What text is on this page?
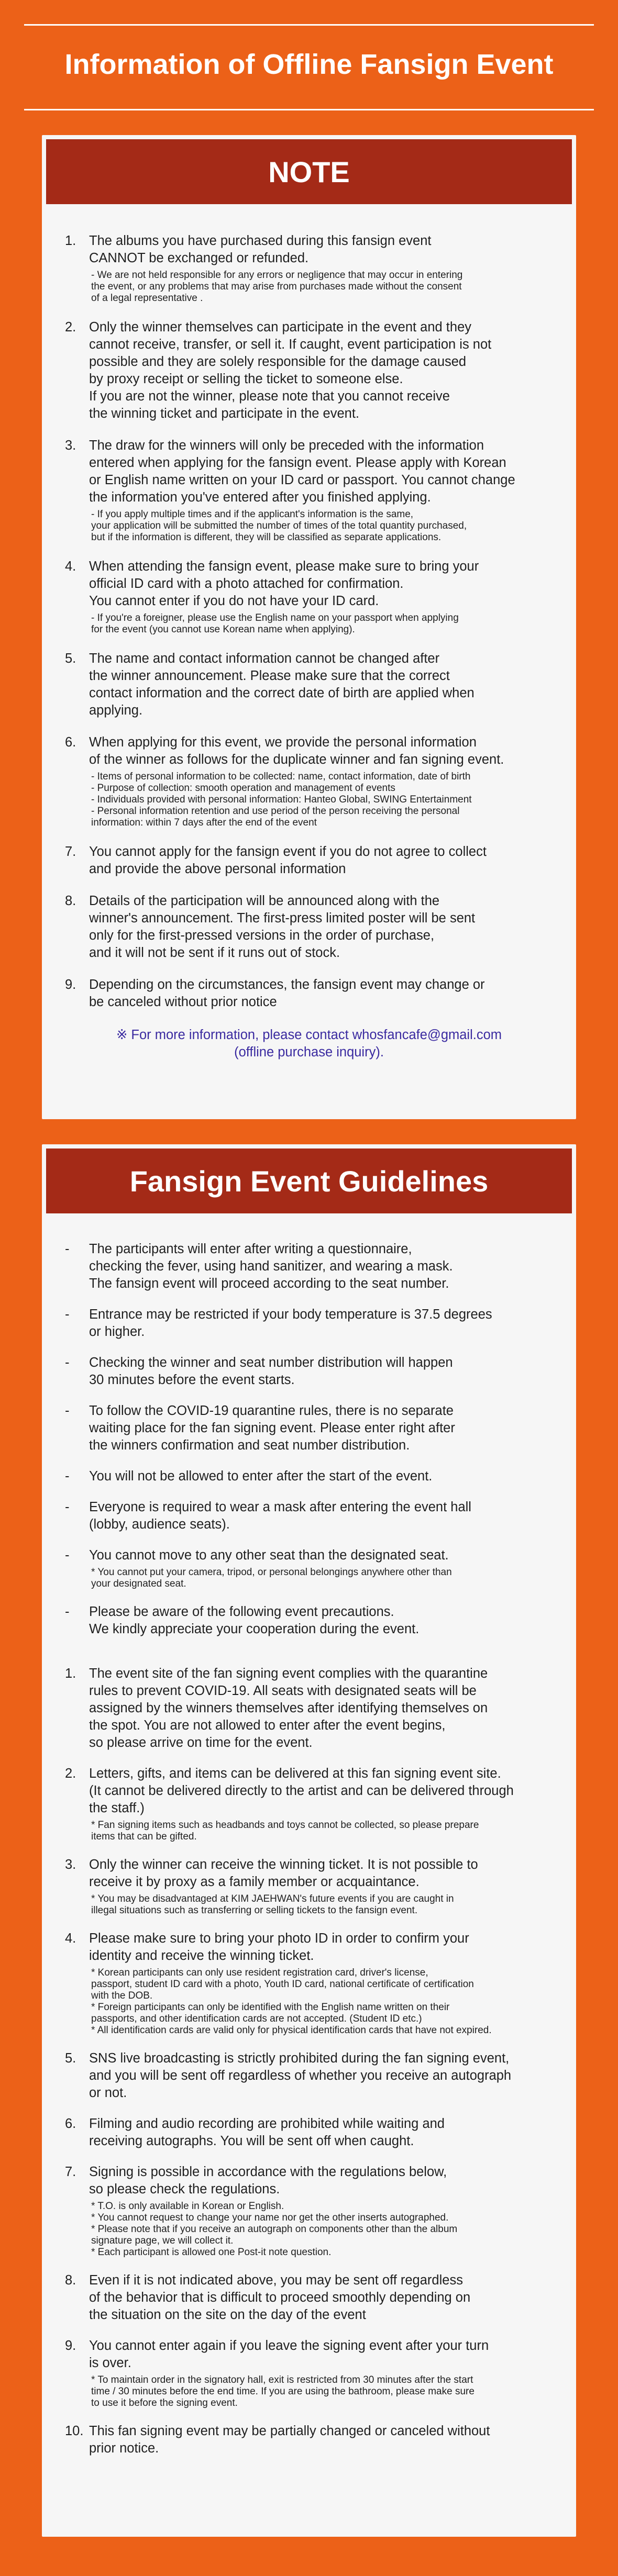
Information of Offline Fansign Event
NOTE
1. The albums you have purchased during this fansign event
CANNOT be exchanged or refunded.
- We are not held responsible for any errors or negligence that may occur in entering
the event, or any problems that may arise from purchases made without the consent
of a legal representative .
2. Only the winner themselves can participate in the event and they
cannot receive, transfer, or sell it. If caught, event participation is not
possible and they are solely responsible for the damage caused
by proxy receipt or selling the ticket to someone else.
If you are not the winner, please note that you cannot receive
the winning ticket and participate in the event.
3. The draw for the winners will only be preceded with the information
entered when applying for the fansign event. Please apply with Korean
or English name written on your ID card or passport. You cannot change
the information you've entered after you finished applying.
- If you apply multiple times and if the applicant's information is the same,
your application will be submitted the number of times of the total quantity purchased,
but if the information is different, they will be classified as separate applications.
4. When attending the fansign event, please make sure to bring your
official ID card with a photo attached for confirmation.
You cannot enter if you do not have your ID card.
- If you're a foreigner, please use the English name on your passport when applying
for the event (you cannot use Korean name when applying).
5. The name and contact information cannot be changed after
the winner announcement. Please make sure that the correct
contact information and the correct date of birth are applied when
applying.
6. When applying for this event, we provide the personal information
of the winner as follows for the duplicate winner and fan signing event.
- Items of personal information to be collected: name, contact information, date of birth
- Purpose of collection: smooth operation and management of events
- Individuals provided with personal information: Hanteo Global, SWING Entertainment
- Personal information retention and use period of the person receiving the personal
information: within 7 days after the end of the event
7. You cannot apply for the fansign event if you do not agree to collect
and provide the above personal information
8. Details of the participation will be announced along with the
winner's announcement. The first-press limited poster will be sent
only for the first-pressed versions in the order of purchase,
and it will not be sent if it runs out of stock.
9. Depending on the circumstances, the fansign event may change or
be canceled without prior notice
※ For more information, please contact whosfancafe@gmail.com
(offline purchase inquiry).
Fansign Event Guidelines
- The participants will enter after writing a questionnaire,
checking the fever, using hand sanitizer, and wearing a mask.
The fansign event will proceed according to the seat number.
- Entrance may be restricted if your body temperature is 37.5 degrees
or higher.
- Checking the winner and seat number distribution will happen
30 minutes before the event starts.
- To follow the COVID-19 quarantine rules, there is no separate
waiting place for the fan signing event. Please enter right after
the winners confirmation and seat number distribution.
- You will not be allowed to enter after the start of the event.
- Everyone is required to wear a mask after entering the event hall
(lobby, audience seats).
- You cannot move to any other seat than the designated seat.
* You cannot put your camera, tripod, or personal belongings anywhere other than
your designated seat.
- Please be aware of the following event precautions.
We kindly appreciate your cooperation during the event.
1. The event site of the fan signing event complies with the quarantine
rules to prevent COVID-19. All seats with designated seats will be
assigned by the winners themselves after identifying themselves on
the spot. You are not allowed to enter after the event begins,
so please arrive on time for the event.
2. Letters, gifts, and items can be delivered at this fan signing event site.
(It cannot be delivered directly to the artist and can be delivered through
the staff.)
* Fan signing items such as headbands and toys cannot be collected, so please prepare
items that can be gifted.
3. Only the winner can receive the winning ticket. It is not possible to
receive it by proxy as a family member or acquaintance.
* You may be disadvantaged at KIM JAEHWAN's future events if you are caught in
illegal situations such as transferring or selling tickets to the fansign event.
4. Please make sure to bring your photo ID in order to confirm your
identity and receive the winning ticket.
* Korean participants can only use resident registration card, driver's license,
passport, student ID card with a photo, Youth ID card, national certificate of certification
with the DOB.
* Foreign participants can only be identified with the English name written on their
passports, and other identification cards are not accepted. (Student ID etc.)
* All identification cards are valid only for physical identification cards that have not expired.
5. SNS live broadcasting is strictly prohibited during the fan signing event,
and you will be sent off regardless of whether you receive an autograph
or not.
6. Filming and audio recording are prohibited while waiting and
receiving autographs. You will be sent off when caught.
7. Signing is possible in accordance with the regulations below,
so please check the regulations.
* T.O. is only available in Korean or English.
* You cannot request to change your name nor get the other inserts autographed.
* Please note that if you receive an autograph on components other than the album
signature page, we will collect it.
* Each participant is allowed one Post-it note question.
8. Even if it is not indicated above, you may be sent off regardless
of the behavior that is difficult to proceed smoothly depending on
the situation on the site on the day of the event
9. You cannot enter again if you leave the signing event after your turn
is over.
* To maintain order in the signatory hall, exit is restricted from 30 minutes after the start
time / 30 minutes before the end time. If you are using the bathroom, please make sure
to use it before the signing event.
10. This fan signing event may be partially changed or canceled without
prior notice.
